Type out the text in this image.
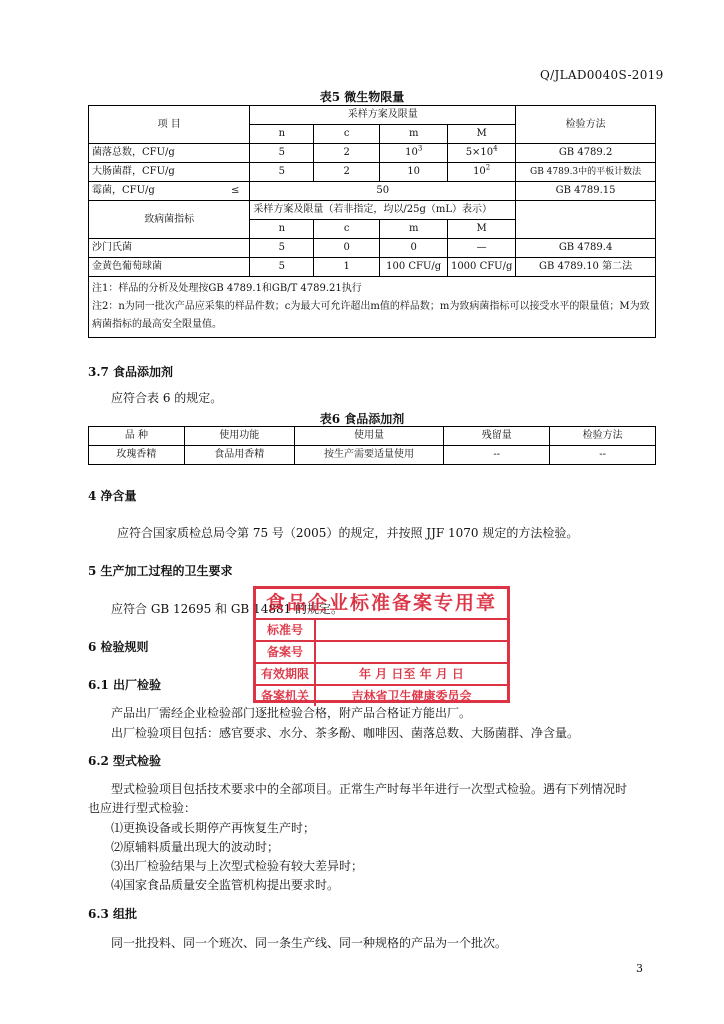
Q/JLAD0040S-2019
表5 微生物限量
项 目	采样方案及限量				检验方法
	n	c	m	M	
菌落总数，CFU/g	5	2	$10^3$	$5\times 10^4$	GB 4789.2
大肠菌群，CFU/g	5	2	10	$10^2$	GB 4789.3中的平板计数法
霉菌，CFU/g ≤	50				GB 4789.15
致病菌指标	采样方案及限量（若非指定，均以/25g（mL）表示）				
	n	c	m	M	
沙门氏菌	5	0	0	—	GB 4789.4
金黄色葡萄球菌	5	1	100 CFU/g	1000 CFU/g	GB 4789.10 第二法

注1：样品的分析及处理按GB 4789.1和GB/T 4789.21执行
注2：n为同一批次产品应采集的样品件数；c为最大可允许超出m值的样品数；m为致病菌指标可以接受水平的限量值；M为致病菌指标的最高安全限量值。					
3.7 食品添加剂
应符合表 6 的规定。
表6 食品添加剂
品 种	使用功能	使用量	残留量	检验方法
玫瑰香精	食品用香精	按生产需要适量使用	--	--
4 净含量
应符合国家质检总局令第 75 号（2005）的规定，并按照 JJF 1070 规定的方法检验。
5 生产加工过程的卫生要求
应符合 GB 12695 和 GB 14881 的规定。
6 检验规则
6.1 出厂检验
产品出厂需经企业检验部门逐批检验合格，附产品合格证方能出厂。
出厂检验项目包括：感官要求、水分、茶多酚、咖啡因、菌落总数、大肠菌群、净含量。
6.2 型式检验
型式检验项目包括技术要求中的全部项目。正常生产时每半年进行一次型式检验。遇有下列情况时
也应进行型式检验：
⑴更换设备或长期停产再恢复生产时；
⑵原辅料质量出现大的波动时；
⑶出厂检验结果与上次型式检验有较大差异时；
⑷国家食品质量安全监管机构提出要求时。
6.3 组批
同一批投料、同一个班次、同一条生产线、同一种规格的产品为一个批次。
食品企业标准备案专用章
标准号
备案号
有效期限	年 月 日至 年 月 日
备案机关	吉林省卫生健康委员会
3
